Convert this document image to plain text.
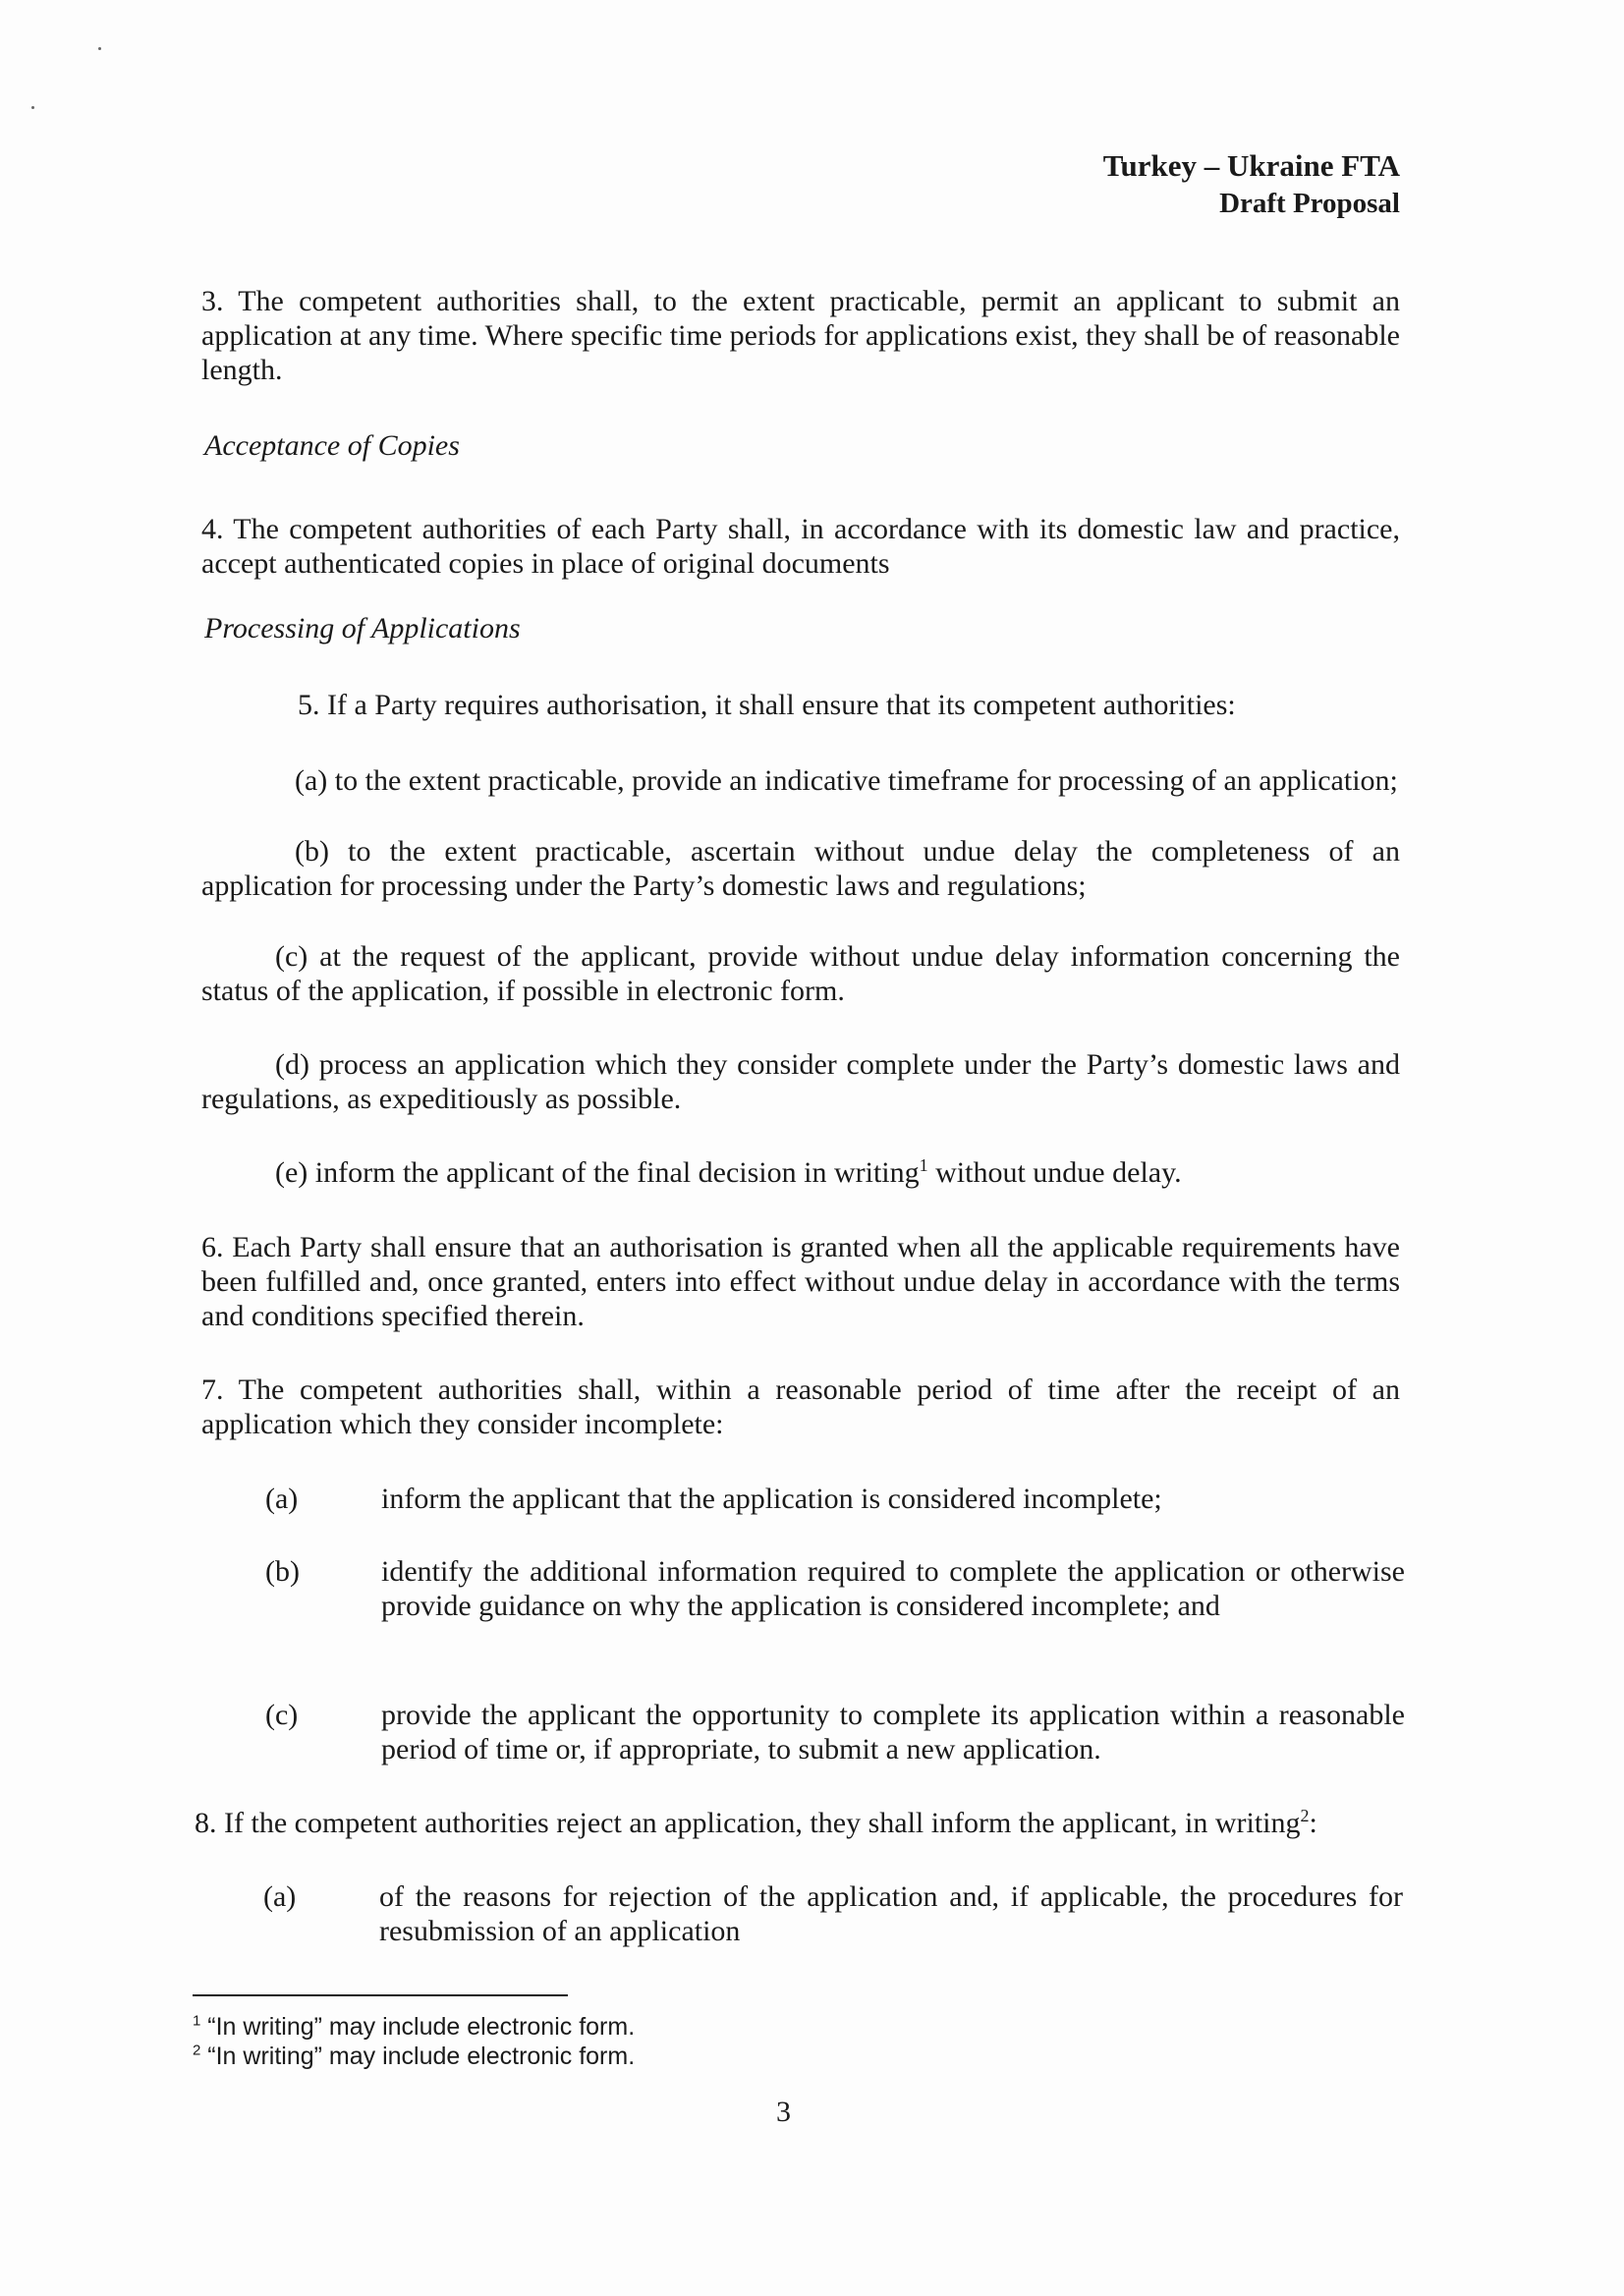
Turkey – Ukraine FTA
Draft Proposal
3. The competent authorities shall, to the extent practicable, permit an applicant to submit an application at any time. Where specific time periods for applications exist, they shall be of reasonable length.
Acceptance of Copies
4. The competent authorities of each Party shall, in accordance with its domestic law and practice, accept authenticated copies in place of original documents
Processing of Applications
5. If a Party requires authorisation, it shall ensure that its competent authorities:
(a) to the extent practicable, provide an indicative timeframe for processing of an application;
(b) to the extent practicable, ascertain without undue delay the completeness of an application for processing under the Party’s domestic laws and regulations;
(c) at the request of the applicant, provide without undue delay information concerning the status of the application, if possible in electronic form.
(d) process an application which they consider complete under the Party’s domestic laws and regulations, as expeditiously as possible.
(e) inform the applicant of the final decision in writing$^1$ without undue delay.
6. Each Party shall ensure that an authorisation is granted when all the applicable requirements have been fulfilled and, once granted, enters into effect without undue delay in accordance with the terms and conditions specified therein.
7. The competent authorities shall, within a reasonable period of time after the receipt of an application which they consider incomplete:
(a)	inform the applicant that the application is considered incomplete;
(b)	identify the additional information required to complete the application or otherwise provide guidance on why the application is considered incomplete; and
(c)	provide the applicant the opportunity to complete its application within a reasonable period of time or, if appropriate, to submit a new application.
8. If the competent authorities reject an application, they shall inform the applicant, in writing$^2$:
(a)	of the reasons for rejection of the application and, if applicable, the procedures for resubmission of an application
$^1$ “In writing” may include electronic form.
$^2$ “In writing” may include electronic form.
3
